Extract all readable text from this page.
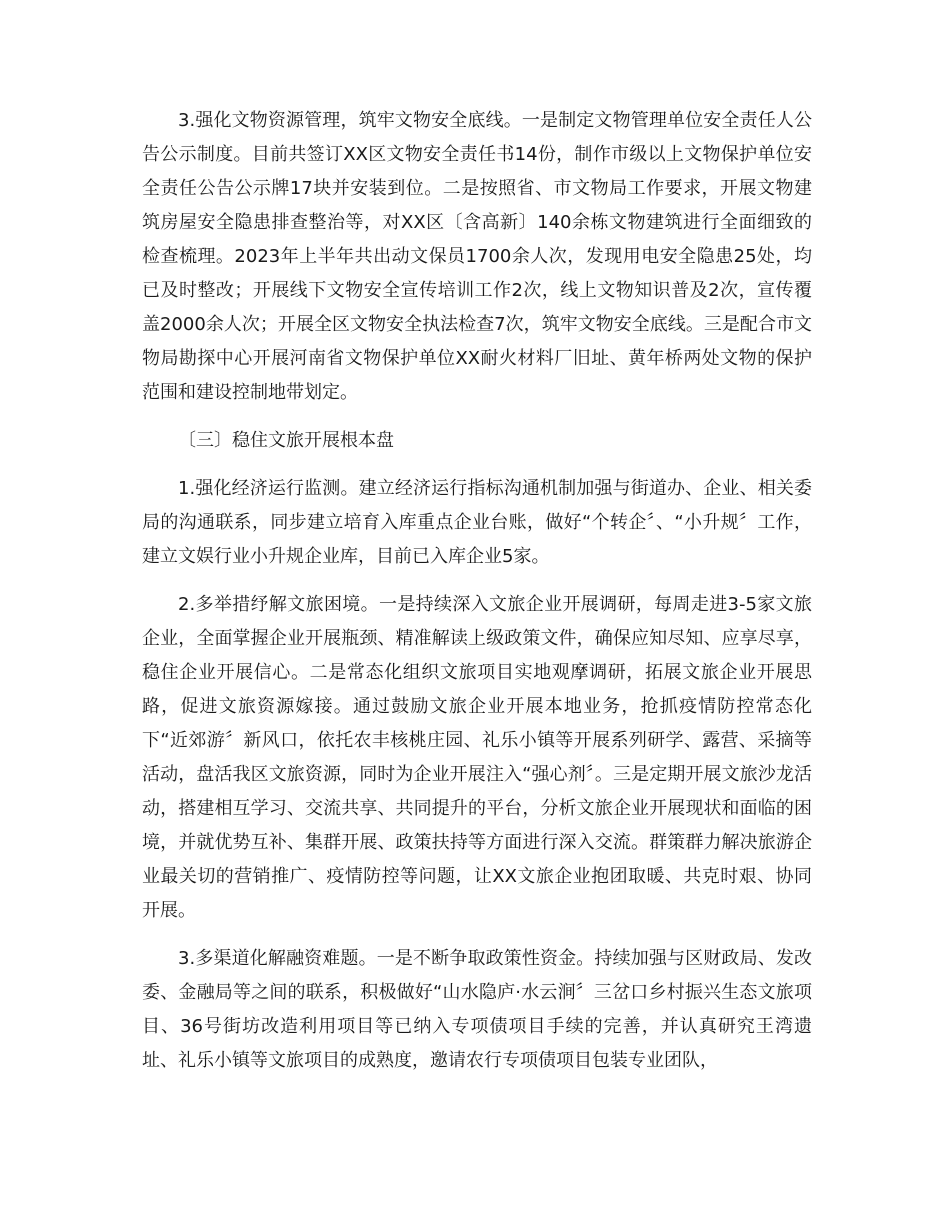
3.强化文物资源管理，筑牢文物安全底线。一是制定文物管理单位安全责任人公告公示制度。目前共签订XX区文物安全责任书14份，制作市级以上文物保护单位安全责任公告公示牌17块并安装到位。二是按照省、市文物局工作要求，开展文物建筑房屋安全隐患排查整治等，对XX区〔含高新〕140余栋文物建筑进行全面细致的检查梳理。2023年上半年共出动文保员1700余人次，发现用电安全隐患25处，均已及时整改；开展线下文物安全宣传培训工作2次，线上文物知识普及2次，宣传覆盖2000余人次；开展全区文物安全执法检查7次，筑牢文物安全底线。三是配合市文物局勘探中心开展河南省文物保护单位XX耐火材料厂旧址、黄年桥两处文物的保护范围和建设控制地带划定。

〔三〕稳住文旅开展根本盘

1.强化经济运行监测。建立经济运行指标沟通机制加强与街道办、企业、相关委局的沟通联系，同步建立培育入库重点企业台账，做好“个转企〞、“小升规〞工作，建立文娱行业小升规企业库，目前已入库企业5家。

2.多举措纾解文旅困境。一是持续深入文旅企业开展调研，每周走进3-5家文旅企业，全面掌握企业开展瓶颈、精准解读上级政策文件，确保应知尽知、应享尽享，稳住企业开展信心。二是常态化组织文旅项目实地观摩调研，拓展文旅企业开展思路，促进文旅资源嫁接。通过鼓励文旅企业开展本地业务，抢抓疫情防控常态化下“近郊游〞新风口，依托农丰核桃庄园、礼乐小镇等开展系列研学、露营、采摘等活动，盘活我区文旅资源，同时为企业开展注入“强心剂〞。三是定期开展文旅沙龙活动，搭建相互学习、交流共享、共同提升的平台，分析文旅企业开展现状和面临的困境，并就优势互补、集群开展、政策扶持等方面进行深入交流。群策群力解决旅游企业最关切的营销推广、疫情防控等问题，让XX文旅企业抱团取暖、共克时艰、协同开展。

3.多渠道化解融资难题。一是不断争取政策性资金。持续加强与区财政局、发改委、金融局等之间的联系，积极做好“山水隐庐·水云涧〞三岔口乡村振兴生态文旅项目、36号街坊改造利用项目等已纳入专项债项目手续的完善，并认真研究王湾遗址、礼乐小镇等文旅项目的成熟度，邀请农行专项债项目包装专业团队，
